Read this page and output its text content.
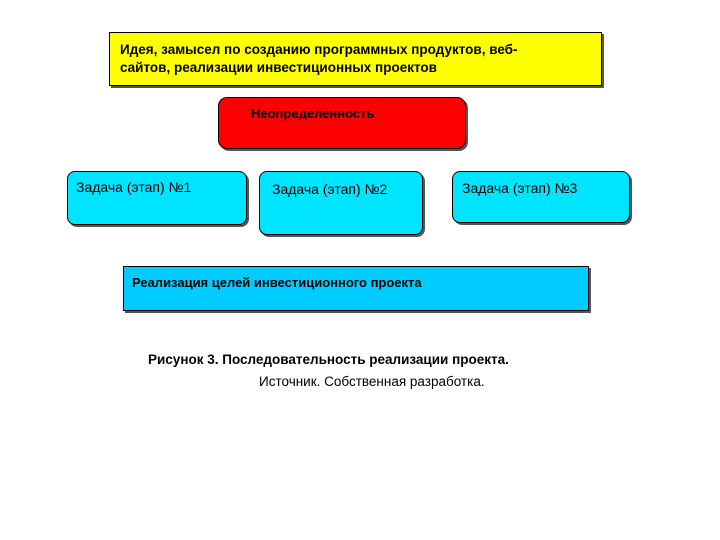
Идея, замысел по созданию программных продуктов, веб-
сайтов, реализации инвестиционных проектов
Неопределенность
Задача (этап) №1	Задача (этап) №2	Задача (этап) №3
Реализация целей инвестиционного проекта
Рисунок 3. Последовательность реализации проекта.
Источник. Собственная разработка.
